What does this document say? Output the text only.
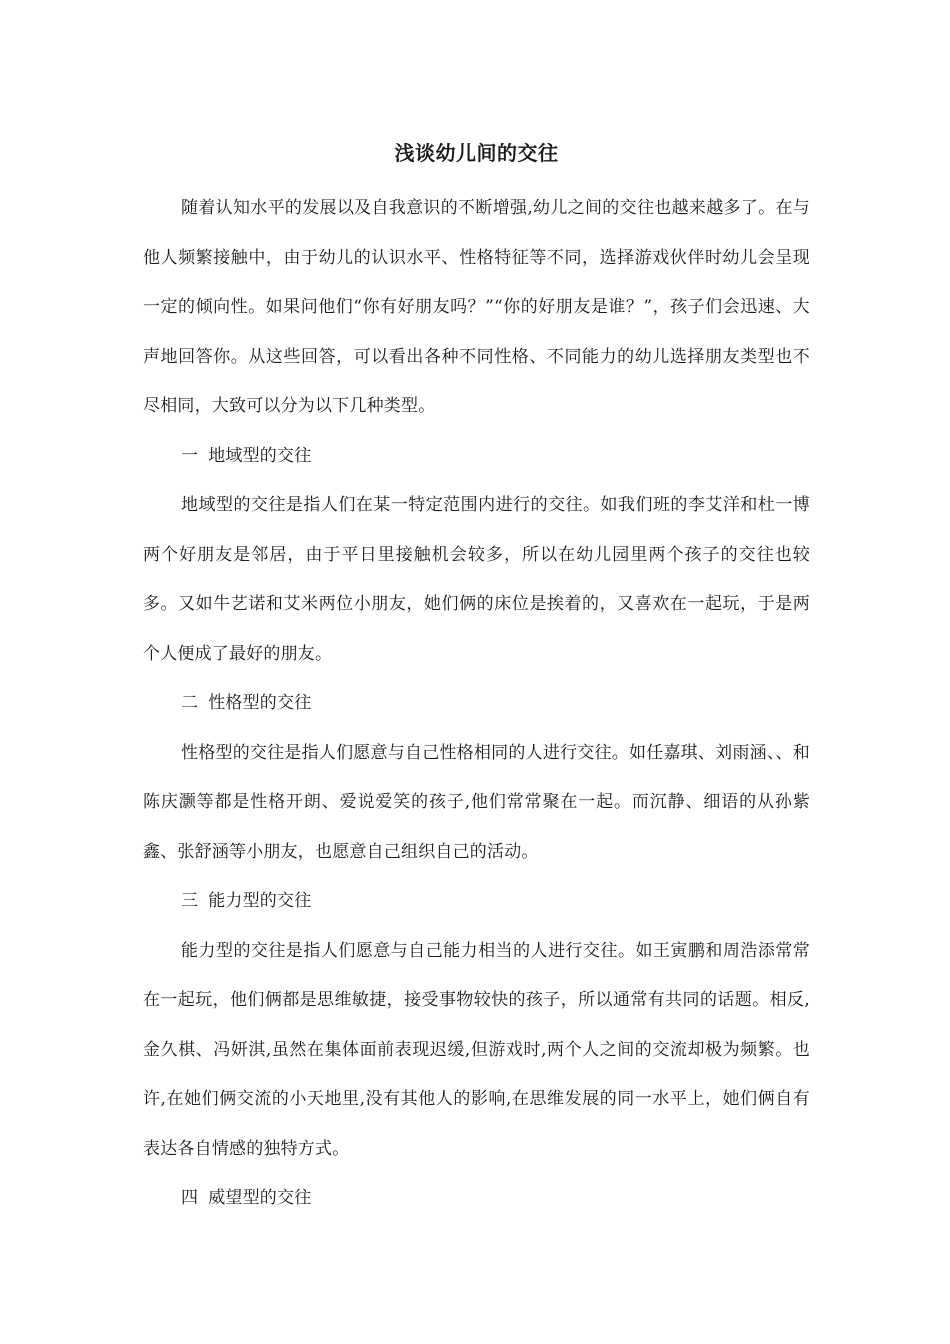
浅谈幼儿间的交往

随着认知水平的发展以及自我意识的不断增强,幼儿之间的交往也越来越多了。在与他人频繁接触中，由于幼儿的认识水平、性格特征等不同，选择游戏伙伴时幼儿会呈现一定的倾向性。如果问他们“你有好朋友吗？”“你的好朋友是谁？”，孩子们会迅速、大声地回答你。从这些回答，可以看出各种不同性格、不同能力的幼儿选择朋友类型也不尽相同，大致可以分为以下几种类型。

一 地域型的交往

地域型的交往是指人们在某一特定范围内进行的交往。如我们班的李艾洋和杜一博两个好朋友是邻居，由于平日里接触机会较多，所以在幼儿园里两个孩子的交往也较多。又如牛艺诺和艾米两位小朋友，她们俩的床位是挨着的，又喜欢在一起玩，于是两个人便成了最好的朋友。

二 性格型的交往

性格型的交往是指人们愿意与自己性格相同的人进行交往。如任嘉琪、刘雨涵、、和陈庆灏等都是性格开朗、爱说爱笑的孩子,他们常常聚在一起。而沉静、细语的从孙紫鑫、张舒涵等小朋友，也愿意自己组织自己的活动。

三 能力型的交往

能力型的交往是指人们愿意与自己能力相当的人进行交往。如王寅鹏和周浩添常常在一起玩，他们俩都是思维敏捷，接受事物较快的孩子，所以通常有共同的话题。相反,金久棋、冯妍淇,虽然在集体面前表现迟缓,但游戏时,两个人之间的交流却极为频繁。也许,在她们俩交流的小天地里,没有其他人的影响,在思维发展的同一水平上，她们俩自有表达各自情感的独特方式。

四 威望型的交往
